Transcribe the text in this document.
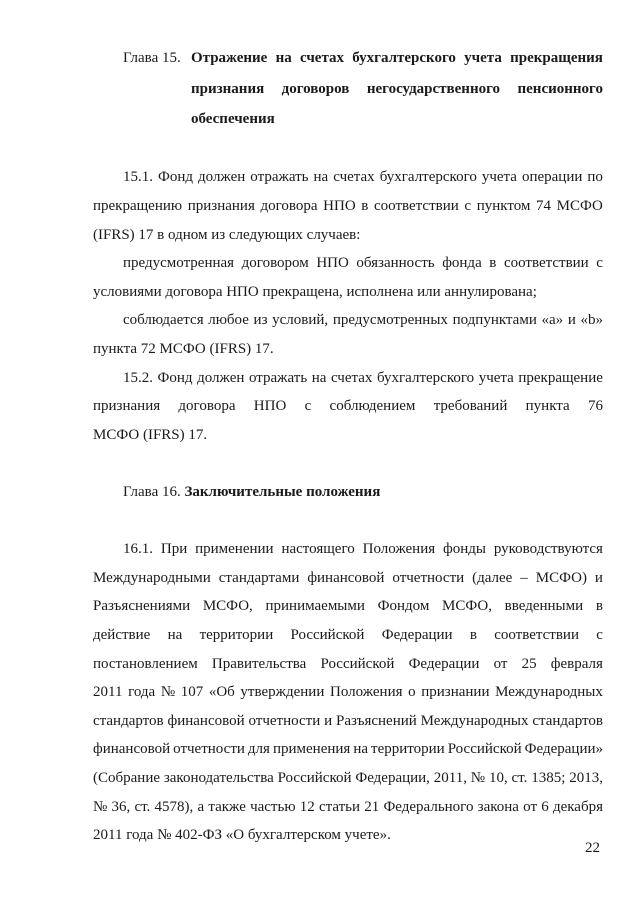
Глава 15. Отражение на счетах бухгалтерского учета прекращения
признания договоров негосударственного пенсионного
обеспечения
15.1. Фонд должен отражать на счетах бухгалтерского учета операции по
прекращению признания договора НПО в соответствии с пунктом 74 МСФО
(IFRS) 17 в одном из следующих случаев:
предусмотренная договором НПО обязанность фонда в соответствии с
условиями договора НПО прекращена, исполнена или аннулирована;
соблюдается любое из условий, предусмотренных подпунктами «а» и «b»
пункта 72 МСФО (IFRS) 17.
15.2. Фонд должен отражать на счетах бухгалтерского учета прекращение
признания договора НПО с соблюдением требований пункта 76
МСФО (IFRS) 17.
Глава 16. Заключительные положения
16.1. При применении настоящего Положения фонды руководствуются
Международными стандартами финансовой отчетности (далее – МСФО) и
Разъяснениями МСФО, принимаемыми Фондом МСФО, введенными в
действие на территории Российской Федерации в соответствии с
постановлением Правительства Российской Федерации от 25 февраля
2011 года № 107 «Об утверждении Положения о признании Международных
стандартов финансовой отчетности и Разъяснений Международных стандартов
финансовой отчетности для применения на территории Российской Федерации»
(Собрание законодательства Российской Федерации, 2011, № 10, ст. 1385; 2013,
№ 36, ст. 4578), а также частью 12 статьи 21 Федерального закона от 6 декабря
2011 года № 402-ФЗ «О бухгалтерском учете».
22
